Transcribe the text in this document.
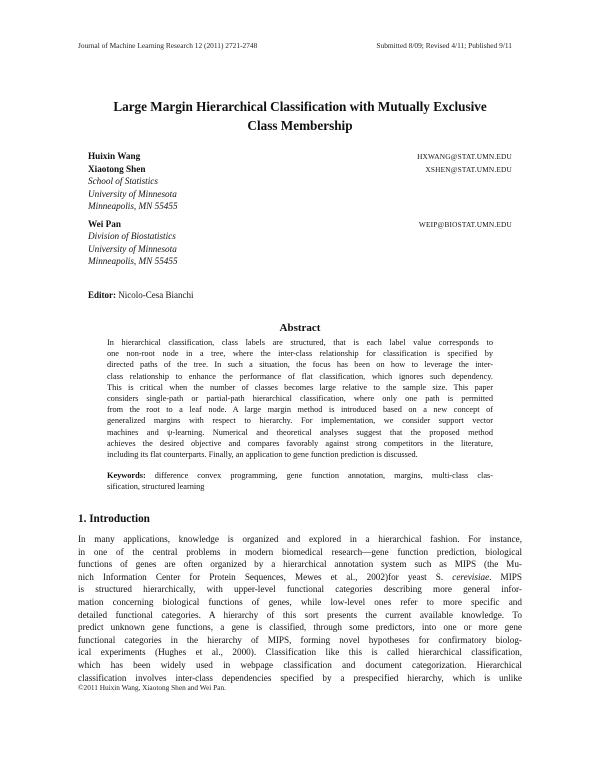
Journal of Machine Learning Research 12 (2011) 2721-2748	Submitted 8/09; Revised 4/11; Published 9/11
Large Margin Hierarchical Classification with Mutually Exclusive
Class Membership
Huixin Wang	HXWANG@STAT.UMN.EDU
Xiaotong Shen	XSHEN@STAT.UMN.EDU
School of Statistics
University of Minnesota
Minneapolis, MN 55455
Wei Pan	WEIP@BIOSTAT.UMN.EDU
Division of Biostatistics
University of Minnesota
Minneapolis, MN 55455
Editor: Nicolo-Cesa Bianchi
Abstract
In hierarchical classification, class labels are structured, that is each label value corresponds to
one non-root node in a tree, where the inter-class relationship for classification is specified by
directed paths of the tree. In such a situation, the focus has been on how to leverage the inter-
class relationship to enhance the performance of flat classification, which ignores such dependency.
This is critical when the number of classes becomes large relative to the sample size. This paper
considers single-path or partial-path hierarchical classification, where only one path is permitted
from the root to a leaf node. A large margin method is introduced based on a new concept of
generalized margins with respect to hierarchy. For implementation, we consider support vector
machines and ψ-learning. Numerical and theoretical analyses suggest that the proposed method
achieves the desired objective and compares favorably against strong competitors in the literature,
including its flat counterparts. Finally, an application to gene function prediction is discussed.
Keywords: difference convex programming, gene function annotation, margins, multi-class clas-
sification, structured learning
1. Introduction
In many applications, knowledge is organized and explored in a hierarchical fashion. For instance,
in one of the central problems in modern biomedical research—gene function prediction, biological
functions of genes are often organized by a hierarchical annotation system such as MIPS (the Mu-
nich Information Center for Protein Sequences, Mewes et al., 2002)for yeast S. cerevisiae. MIPS
is structured hierarchically, with upper-level functional categories describing more general infor-
mation concerning biological functions of genes, while low-level ones refer to more specific and
detailed functional categories. A hierarchy of this sort presents the current available knowledge. To
predict unknown gene functions, a gene is classified, through some predictors, into one or more gene
functional categories in the hierarchy of MIPS, forming novel hypotheses for confirmatory biolog-
ical experiments (Hughes et al., 2000). Classification like this is called hierarchical classification,
which has been widely used in webpage classification and document categorization. Hierarchical
classification involves inter-class dependencies specified by a prespecified hierarchy, which is unlike
©2011 Huixin Wang, Xiaotong Shen and Wei Pan.
